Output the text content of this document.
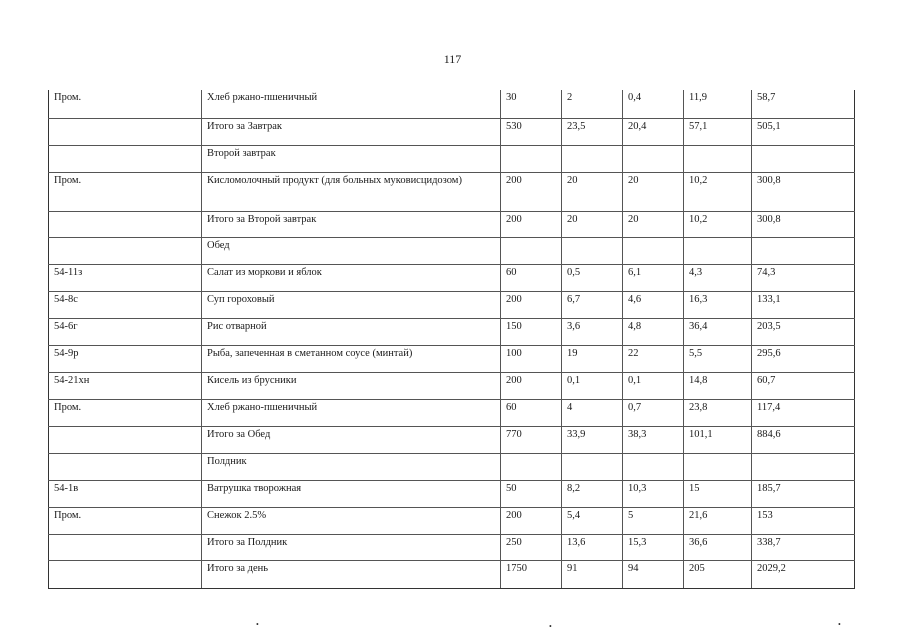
117
Пром.	Хлеб ржано-пшеничный	30	2	0,4	11,9	58,7
	Итого за Завтрак	530	23,5	20,4	57,1	505,1
	Второй завтрак					
Пром.	Кисломолочный продукт (для больных муковисцидозом)	200	20	20	10,2	300,8
	Итого за Второй завтрак	200	20	20	10,2	300,8
	Обед					
54-11з	Салат из моркови и яблок	60	0,5	6,1	4,3	74,3
54-8с	Суп гороховый	200	6,7	4,6	16,3	133,1
54-6г	Рис отварной	150	3,6	4,8	36,4	203,5
54-9р	Рыба, запеченная в сметанном соусе (минтай)	100	19	22	5,5	295,6
54-21хн	Кисель из брусники	200	0,1	0,1	14,8	60,7
Пром.	Хлеб ржано-пшеничный	60	4	0,7	23,8	117,4
	Итого за Обед	770	33,9	38,3	101,1	884,6
	Полдник					
54-1в	Ватрушка творожная	50	8,2	10,3	15	185,7
Пром.	Снежок 2.5%	200	5,4	5	21,6	153
	Итого за Полдник	250	13,6	15,3	36,6	338,7
	Итого за день	1750	91	94	205	2029,2
•	•	•
